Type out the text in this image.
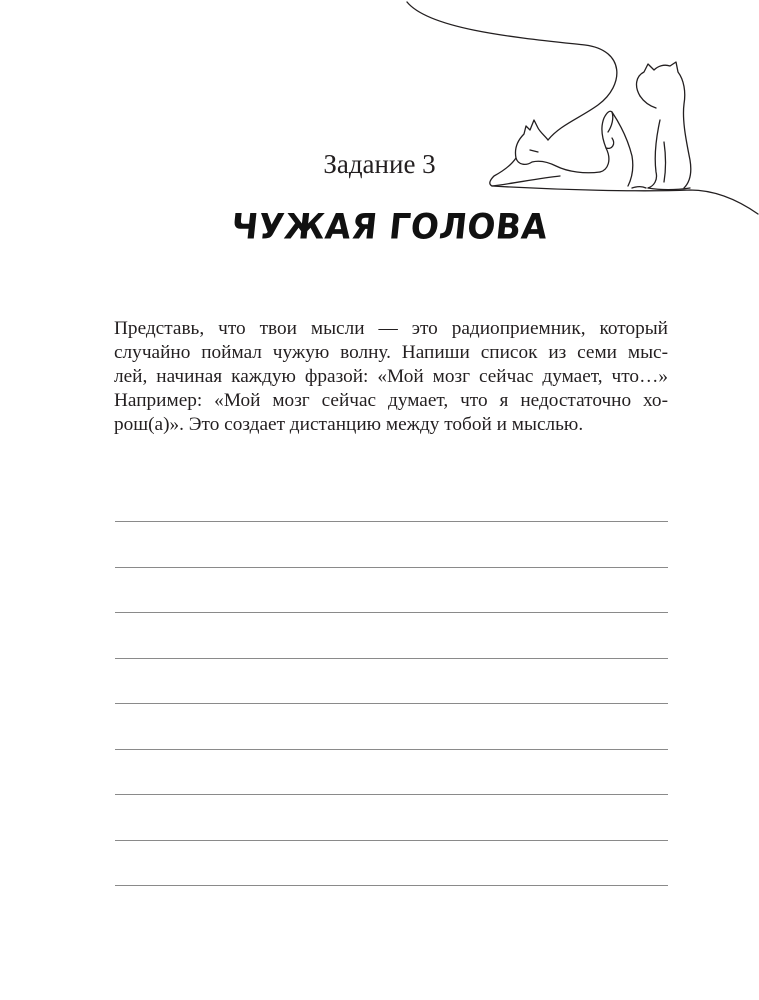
Задание 3
ЧУЖАЯ ГОЛОВА
Представь, что твои мысли — это радиоприемник, который
случайно поймал чужую волну. Напиши список из семи мыс-
лей, начиная каждую фразой: «Мой мозг сейчас думает, что…»
Например: «Мой мозг сейчас думает, что я недостаточно хо-
рош(а)». Это создает дистанцию между тобой и мыслью.
